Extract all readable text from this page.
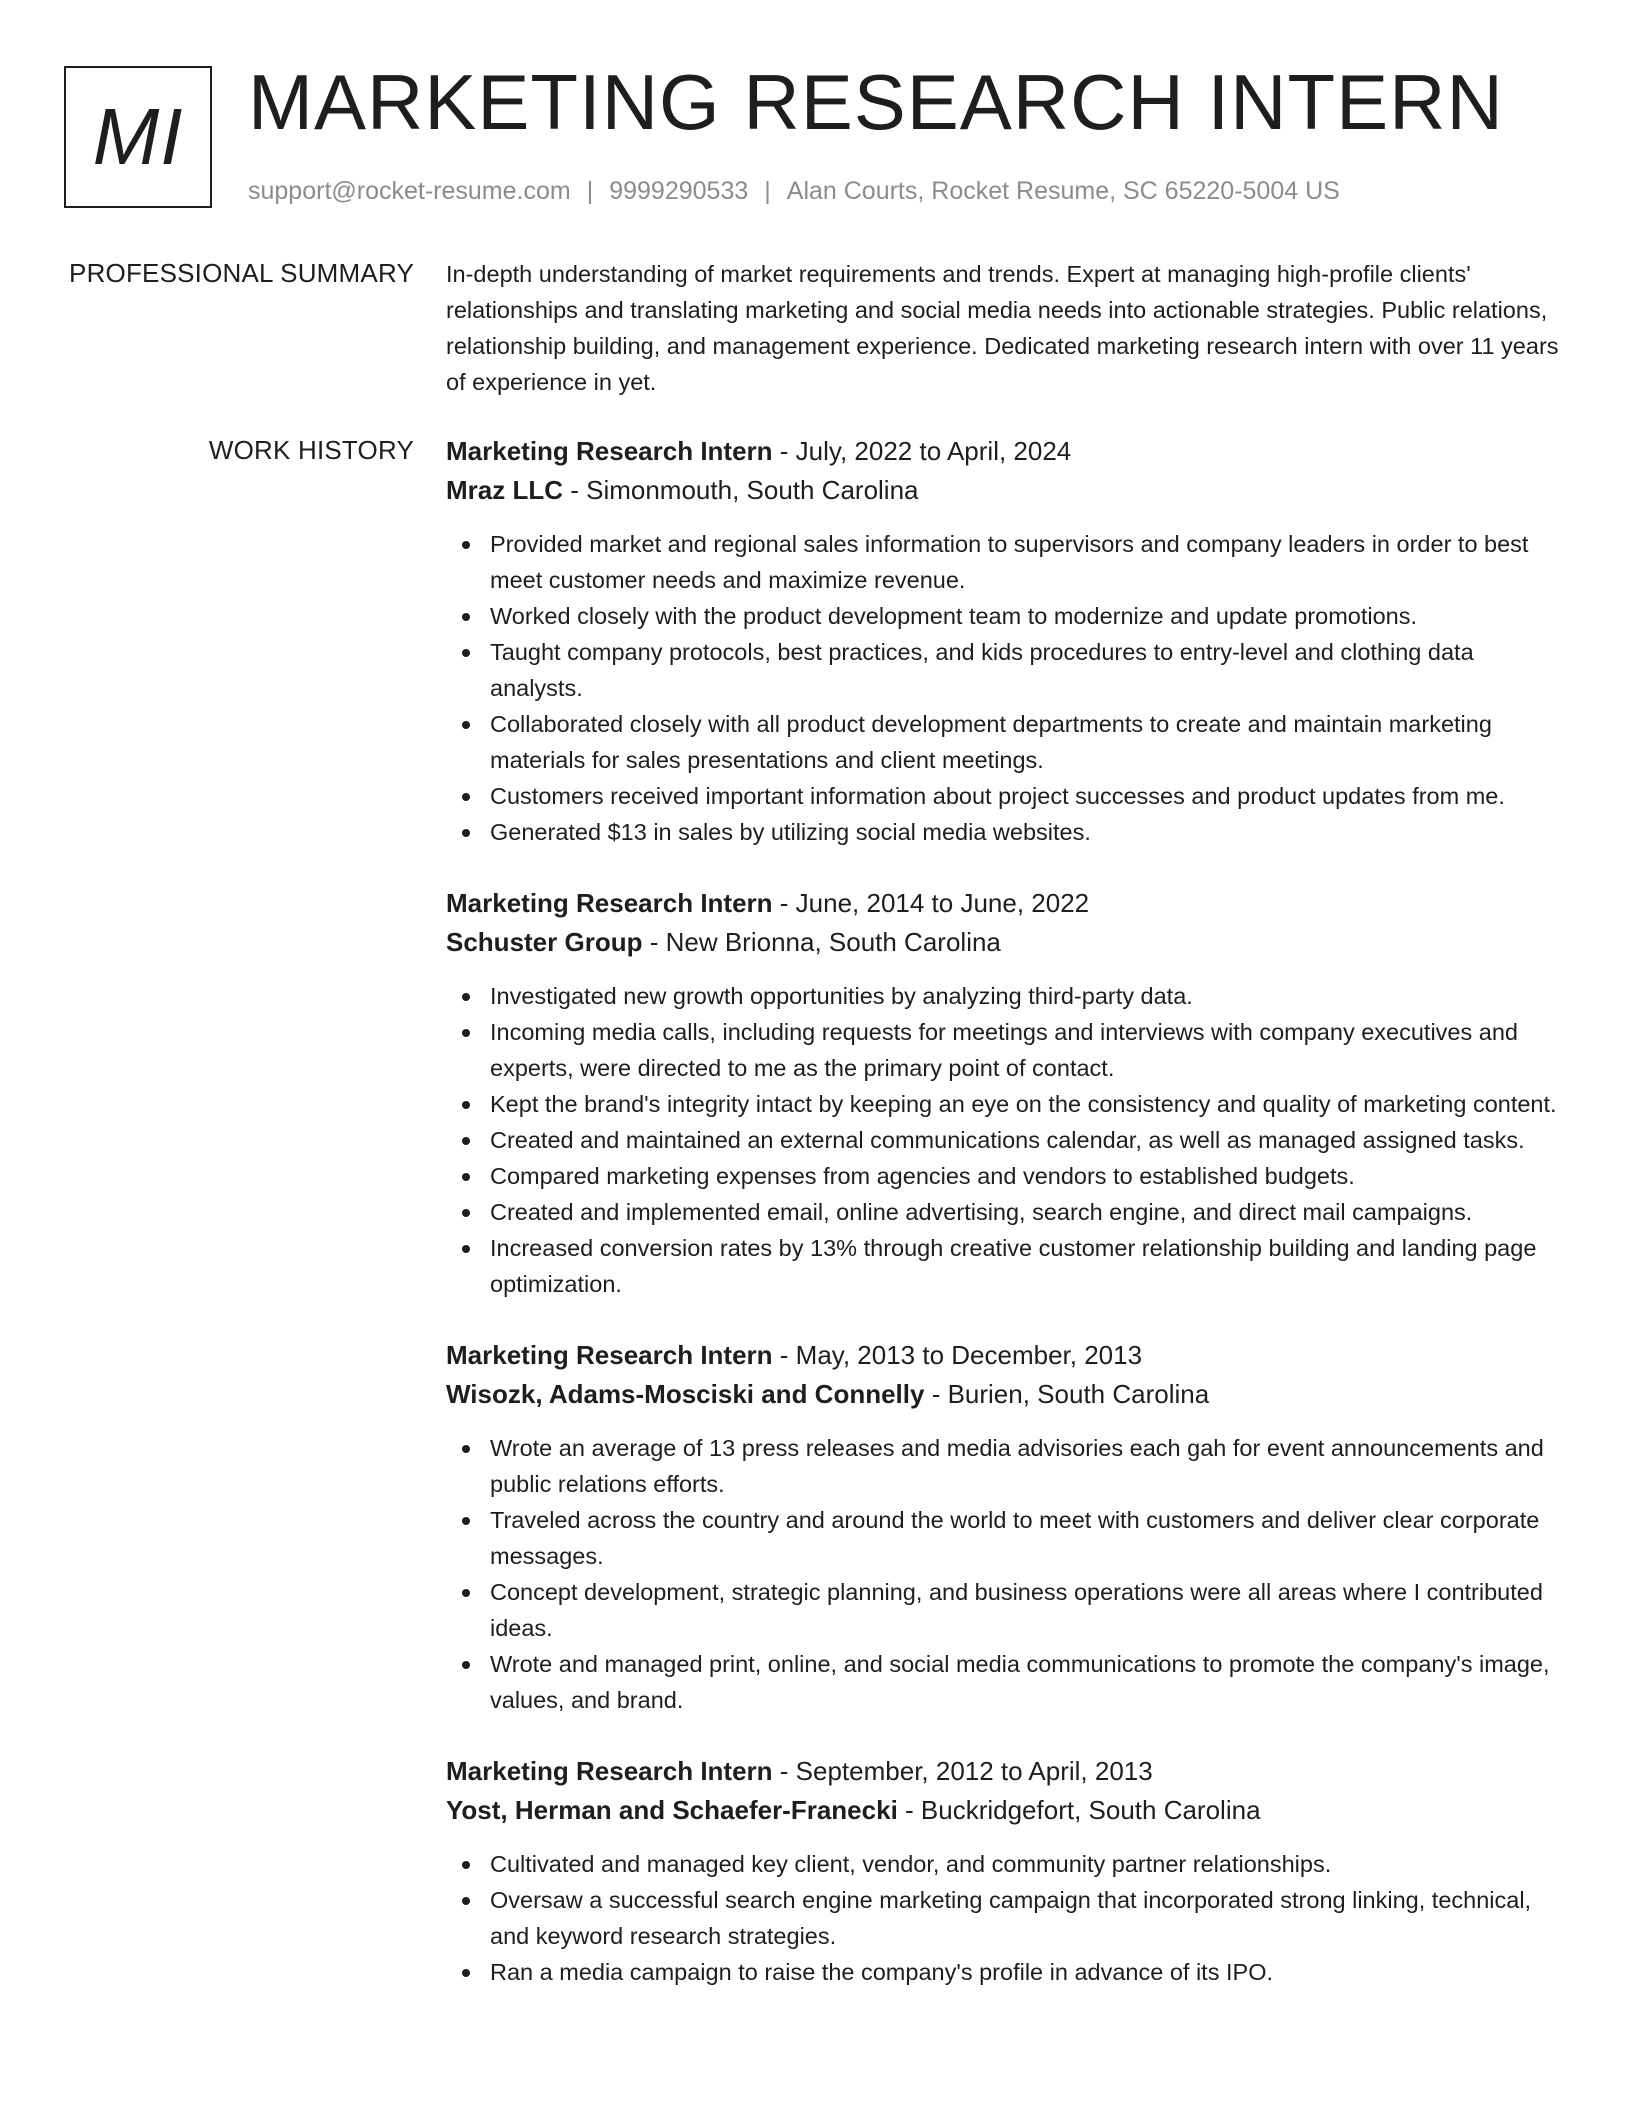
MI MARKETING RESEARCH INTERN
support@rocket-resume.com | 9999290533 | Alan Courts, Rocket Resume, SC 65220-5004 US
PROFESSIONAL SUMMARY In-depth understanding of market requirements and trends. Expert at managing high-profile clients' relationships and translating marketing and social media needs into actionable strategies. Public relations, relationship building, and management experience. Dedicated marketing research intern with over 11 years of experience in yet.

WORK HISTORY Marketing Research Intern - July, 2022 to April, 2024

Mraz LLC - Simonmouth, South Carolina

Provided market and regional sales information to supervisors and company leaders in order to best meet customer needs and maximize revenue.
Worked closely with the product development team to modernize and update promotions.
Taught company protocols, best practices, and kids procedures to entry-level and clothing data analysts.
Collaborated closely with all product development departments to create and maintain marketing materials for sales presentations and client meetings.
Customers received important information about project successes and product updates from me.
Generated $13 in sales by utilizing social media websites.

Marketing Research Intern - June, 2014 to June, 2022

Schuster Group - New Brionna, South Carolina

Investigated new growth opportunities by analyzing third-party data.
Incoming media calls, including requests for meetings and interviews with company executives and experts, were directed to me as the primary point of contact.
Kept the brand's integrity intact by keeping an eye on the consistency and quality of marketing content.
Created and maintained an external communications calendar, as well as managed assigned tasks.
Compared marketing expenses from agencies and vendors to established budgets.
Created and implemented email, online advertising, search engine, and direct mail campaigns.
Increased conversion rates by 13% through creative customer relationship building and landing page optimization.

Marketing Research Intern - May, 2013 to December, 2013

Wisozk, Adams-Mosciski and Connelly - Burien, South Carolina

Wrote an average of 13 press releases and media advisories each gah for event announcements and public relations efforts.
Traveled across the country and around the world to meet with customers and deliver clear corporate messages.
Concept development, strategic planning, and business operations were all areas where I contributed ideas.
Wrote and managed print, online, and social media communications to promote the company's image, values, and brand.

Marketing Research Intern - September, 2012 to April, 2013

Yost, Herman and Schaefer-Franecki - Buckridgefort, South Carolina

Cultivated and managed key client, vendor, and community partner relationships.
Oversaw a successful search engine marketing campaign that incorporated strong linking, technical, and keyword research strategies.
Ran a media campaign to raise the company's profile in advance of its IPO.
